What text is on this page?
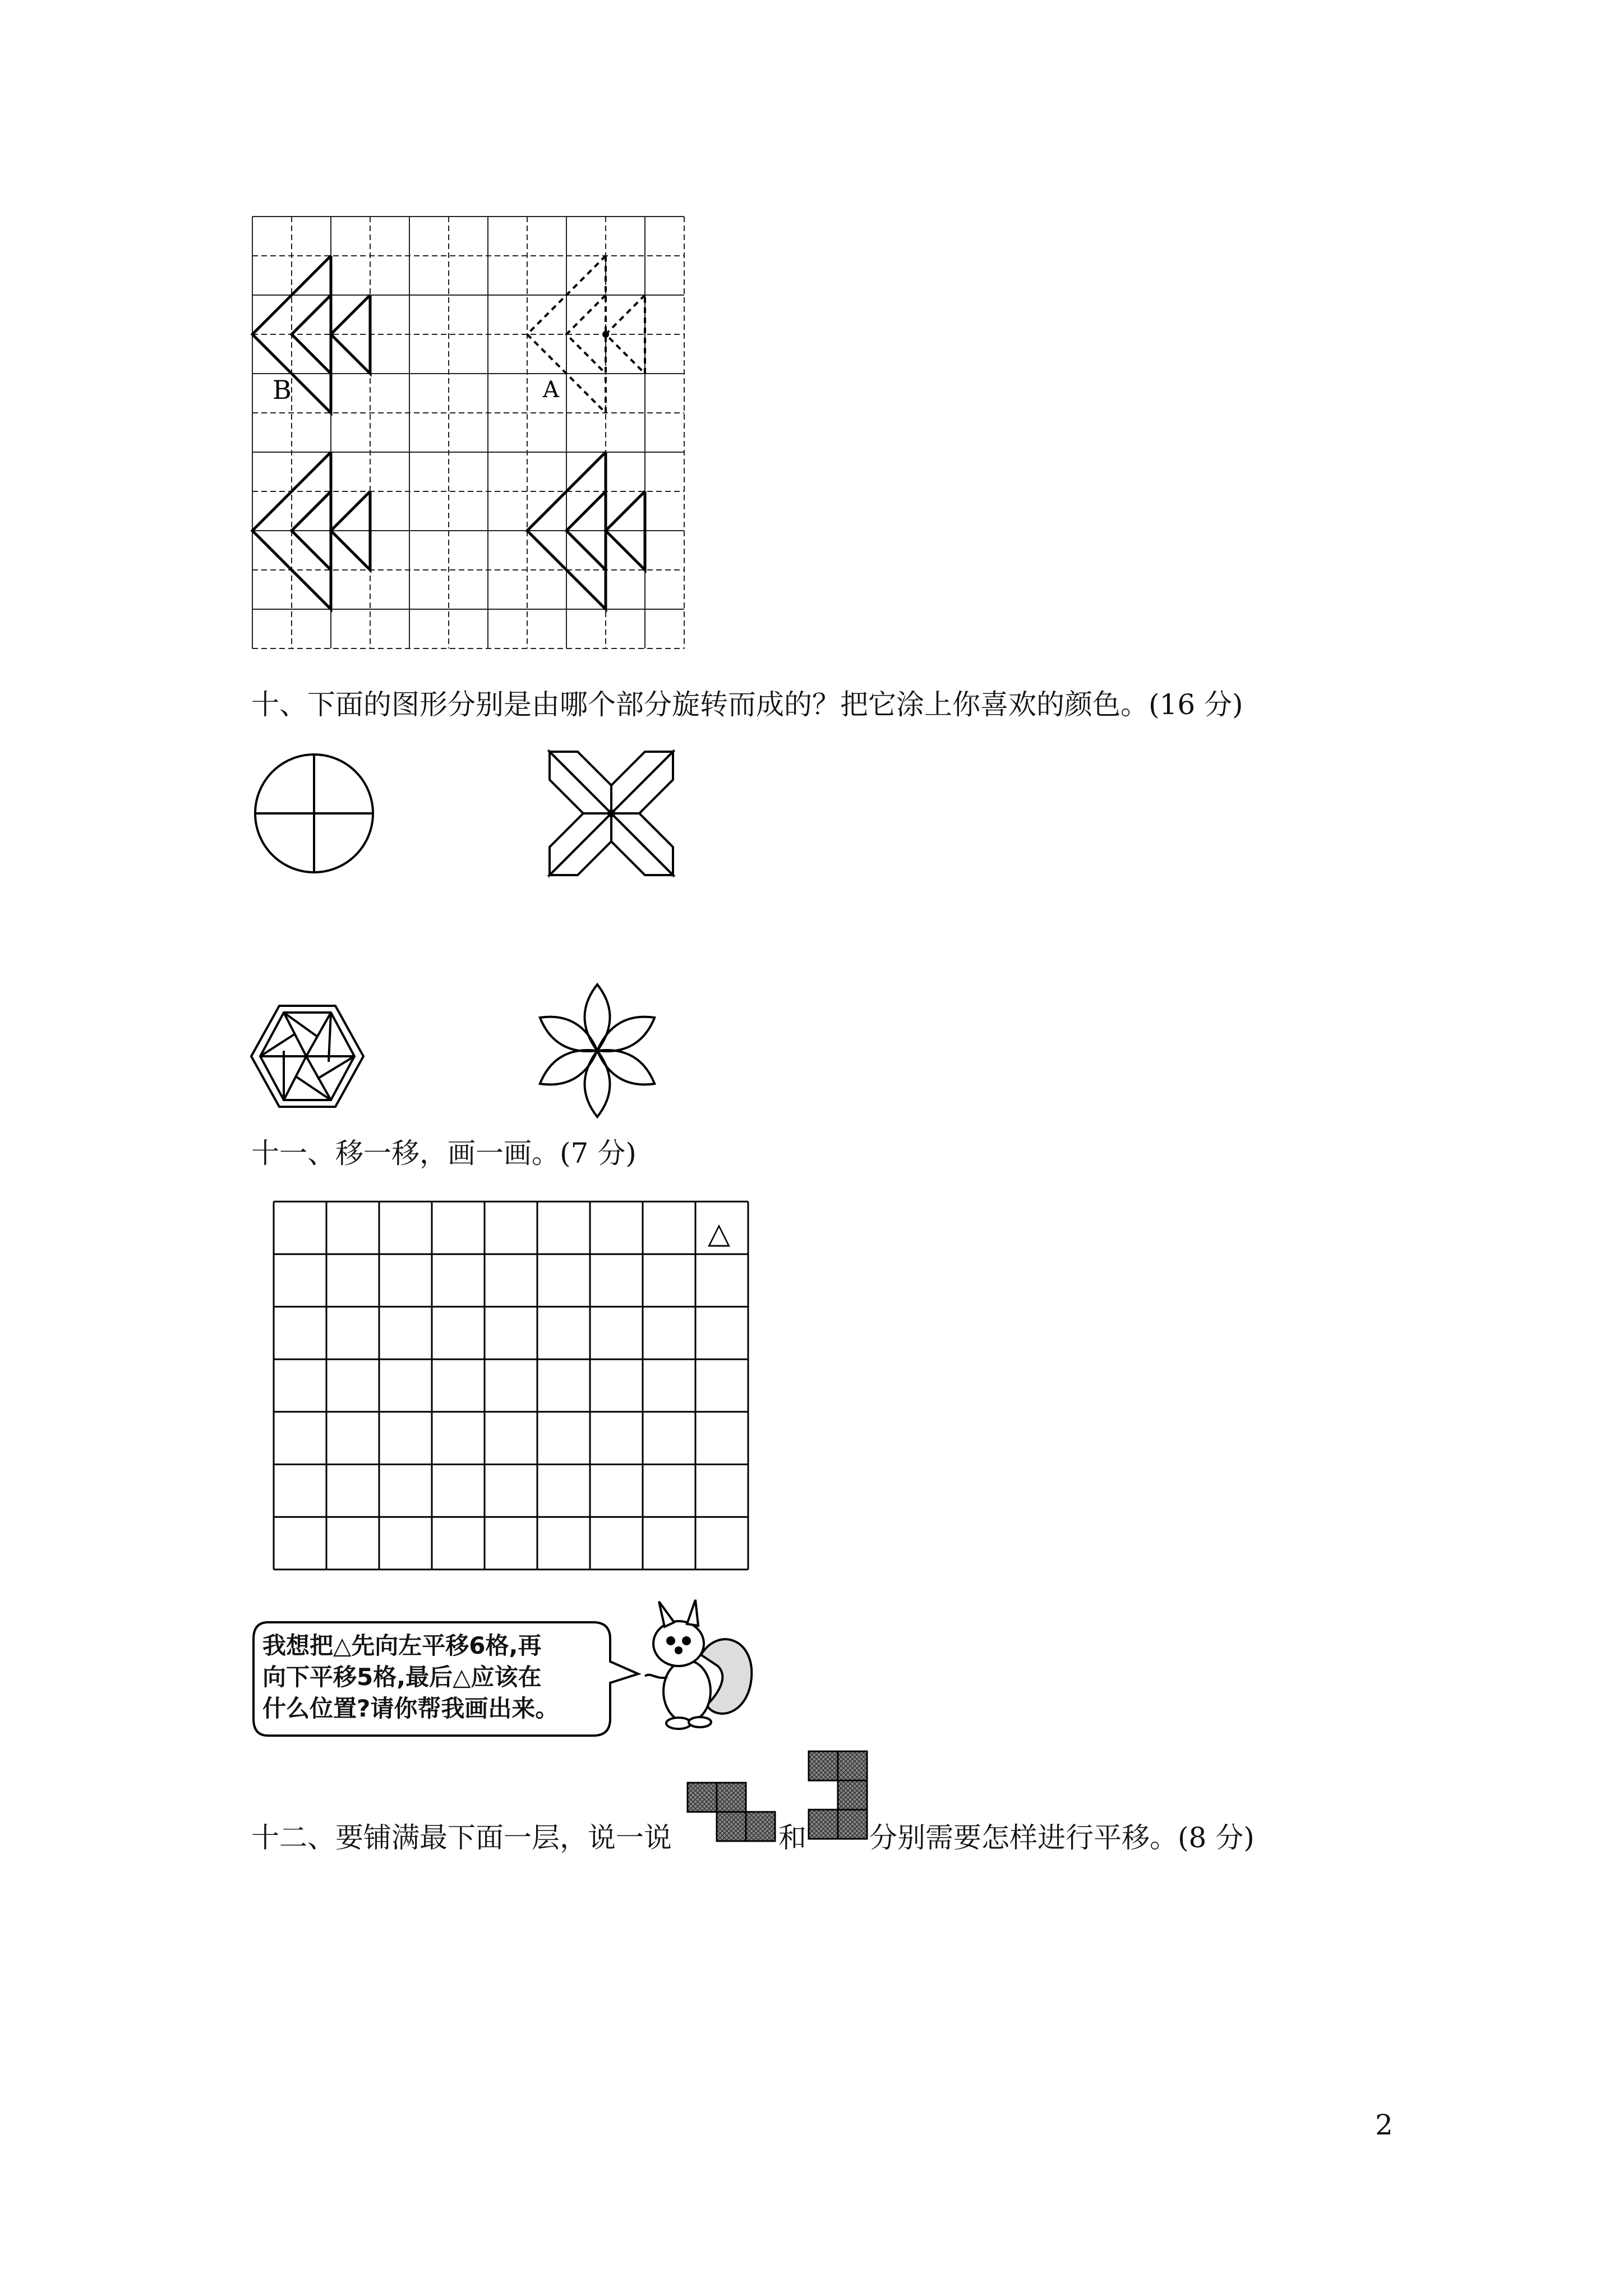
B	A
十、下面的图形分别是由哪个部分旋转而成的？把它涂上你喜欢的颜色。(16 分)
十一、移一移，画一画。(7 分)
△
我想把△先向左平移6格,再
向下平移5格,最后△应该在
什么位置?请你帮我画出来。
十二、要铺满最下面一层，说一说	和 分别需要怎样进行平移。(8 分)
2
